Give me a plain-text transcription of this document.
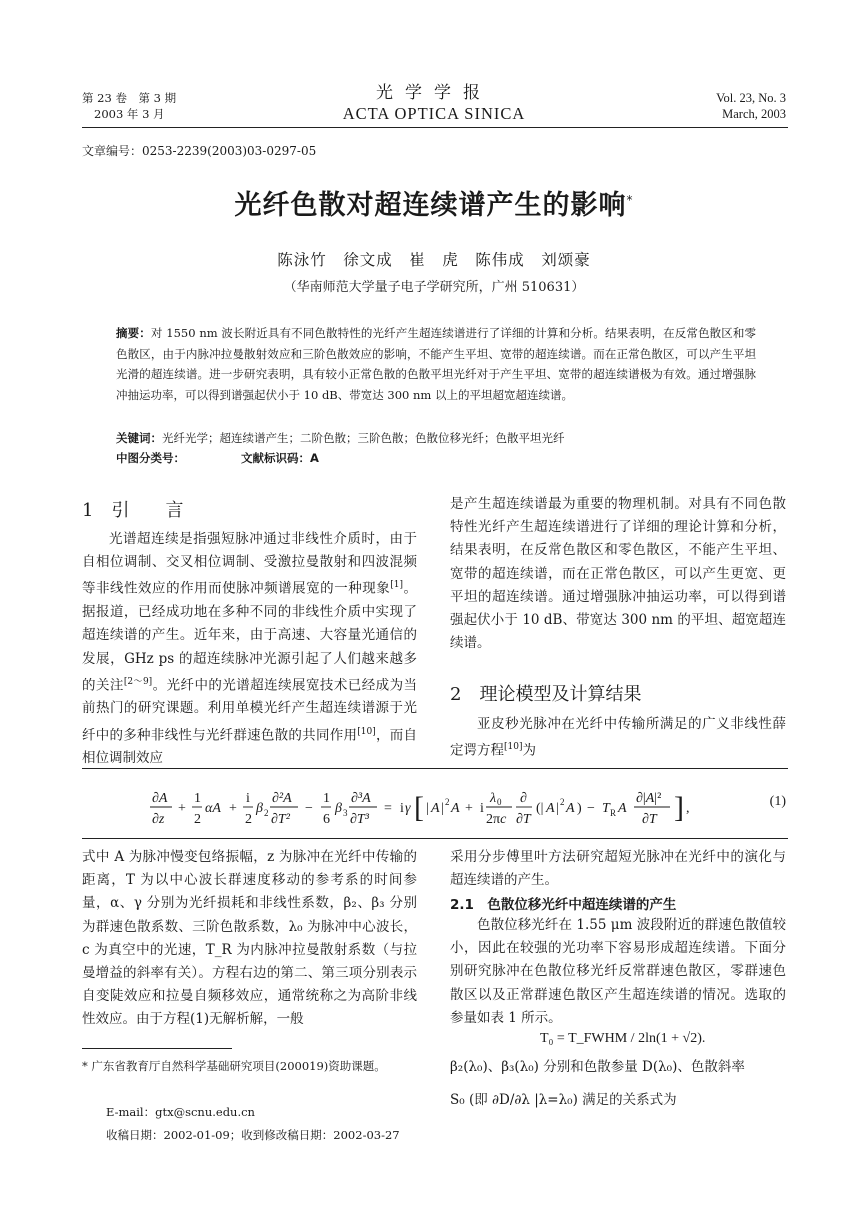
第 23 卷　第 3 期
2003 年 3 月
光学学报
ACTA OPTICA SINICA
Vol. 23, No. 3
March, 2003
文章编号：0253-2239(2003)03-0297-05
光纤色散对超连续谱产生的影响*
陈泳竹　徐文成　崔　虎　陈伟成　刘颂豪
（华南师范大学量子电子学研究所，广州 510631）
摘要：对 1550 nm 波长附近具有不同色散特性的光纤产生超连续谱进行了详细的计算和分析。结果表明，在反常色散区和零色散区，由于内脉冲拉曼散射效应和三阶色散效应的影响，不能产生平坦、宽带的超连续谱。而在正常色散区，可以产生平坦光滑的超连续谱。进一步研究表明，具有较小正常色散的色散平坦光纤对于产生平坦、宽带的超连续谱极为有效。通过增强脉冲抽运功率，可以得到谱强起伏小于 10 dB、带宽达 300 nm 以上的平坦超宽超连续谱。
关键词：光纤光学；超连续谱产生；二阶色散；三阶色散；色散位移光纤；色散平坦光纤
中图分类号：	文献标识码：A
1　引　　言
光谱超连续是指强短脉冲通过非线性介质时，由于自相位调制、交叉相位调制、受激拉曼散射和四波混频等非线性效应的作用而使脉冲频谱展宽的一种现象[1]。据报道，已经成功地在多种不同的非线性介质中实现了超连续谱的产生。近年来，由于高速、大容量光通信的发展，GHz ps 的超连续脉冲光源引起了人们越来越多的关注[2～9]。光纤中的光谱超连续展宽技术已经成为当前热门的研究课题。利用单模光纤产生超连续谱源于光纤中的多种非线性与光纤群速色散的共同作用[10]，而自相位调制效应
是产生超连续谱最为重要的物理机制。对具有不同色散特性光纤产生超连续谱进行了详细的理论计算和分析，结果表明，在反常色散区和零色散区，不能产生平坦、宽带的超连续谱，而在正常色散区，可以产生更宽、更平坦的超连续谱。通过增强脉冲抽运功率，可以得到谱强起伏小于 10 dB、带宽达 300 nm 的平坦、超宽超连续谱。
2　理论模型及计算结果
亚皮秒光脉冲在光纤中传输所满足的广义非线性薛定谔方程[10]为
∂A
∂z
+
1
2
αA +
i
2
β 2
∂²A
∂T²
−
1
6
β 3
∂³A
∂T³
= i γ [ | A | 2 A + i
λ 0
2πc
∂
∂T
(| A | 2 A ) − T R A
∂|A|²
∂T ] ,	(1)
式中 A 为脉冲慢变包络振幅，z 为脉冲在光纤中传输的距离，T 为以中心波长群速度移动的参考系的时间参量，α、γ 分别为光纤损耗和非线性系数，β₂、β₃ 分别为群速色散系数、三阶色散系数，λ₀ 为脉冲中心波长，c 为真空中的光速，T_R 为内脉冲拉曼散射系数（与拉曼增益的斜率有关）。方程右边的第二、第三项分别表示自变陡效应和拉曼自频移效应，通常统称之为高阶非线性效应。由于方程(1)无解析解，一般
* 广东省教育厅自然科学基础研究项目(200019)资助课题。
E-mail：gtx@scnu.edu.cn
收稿日期：2002-01-09；收到修改稿日期：2002-03-27
采用分步傅里叶方法研究超短光脉冲在光纤中的演化与超连续谱的产生。
2.1　色散位移光纤中超连续谱的产生
色散位移光纤在 1.55 μm 波段附近的群速色散值较小，因此在较强的光功率下容易形成超连续谱。下面分别研究脉冲在色散位移光纤反常群速色散区，零群速色散区以及正常群速色散区产生超连续谱的情况。选取的参量如表 1 所示。
T₀ = T_FWHM / 2ln(1 + √2).
β₂(λ₀)、β₃(λ₀) 分别和色散参量 D(λ₀)、色散斜率
S₀ (即 ∂D/∂λ |λ=λ₀) 满足的关系式为
